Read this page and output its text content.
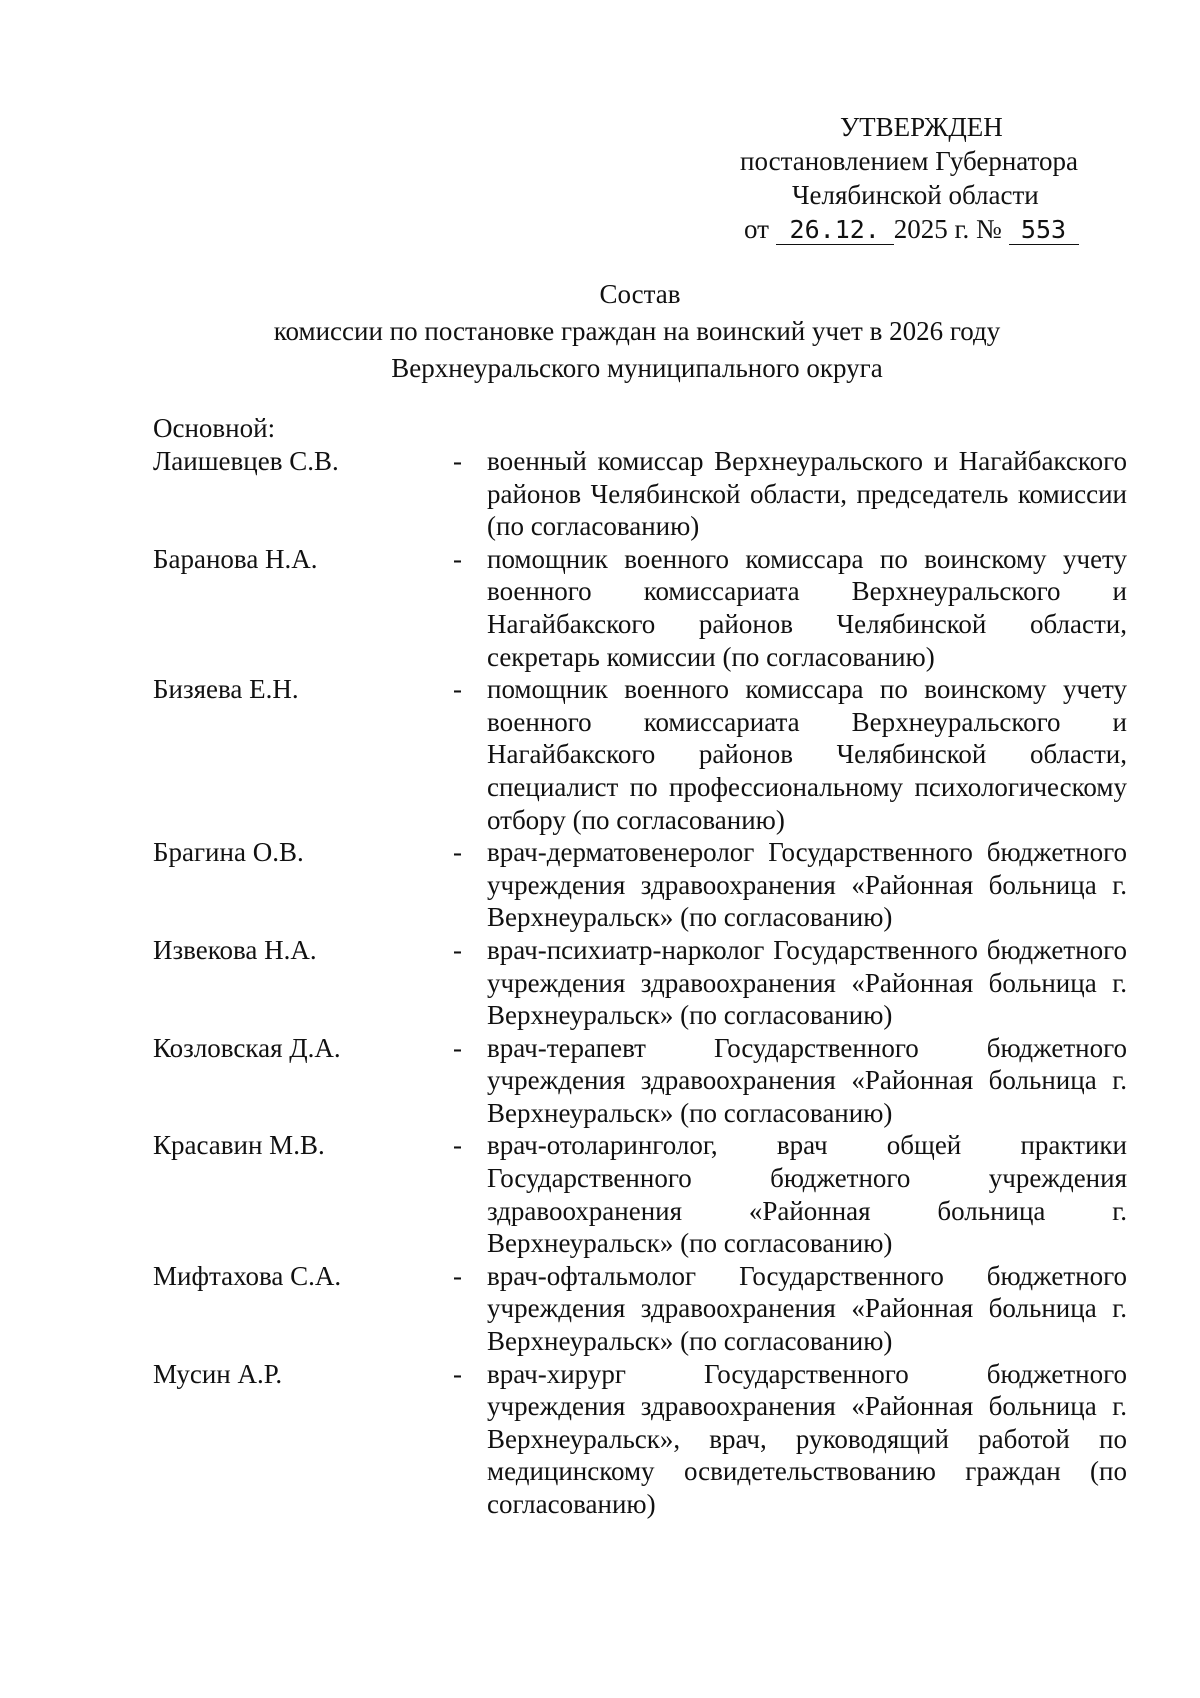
УТВЕРЖДЕН
постановлением Губернатора
Челябинской области
от 26.12. 2025 г. № 553
Состав
комиссии по постановке граждан на воинский учет в 2026 году
Верхнеуральского муниципального округа
Основной:
Лаишевцев С.В.	- военный комиссар Верхнеуральского и Нагайбакского районов Челябинской области, председатель комиссии (по согласованию)
Баранова Н.А.	- помощник военного комиссара по воинскому учету военного комиссариата Верхнеуральского и Нагайбакского районов Челябинской области, секретарь комиссии (по согласованию)
Бизяева Е.Н.	- помощник военного комиссара по воинскому учету военного комиссариата Верхнеуральского и Нагайбакского районов Челябинской области, специалист по профессиональному психологическому отбору (по согласованию)
Брагина О.В.	- врач-дерматовенеролог Государственного бюджетного учреждения здравоохранения «Районная больница г. Верхнеуральск» (по согласованию)
Извекова Н.А.	- врач-психиатр-нарколог Государственного бюджетного учреждения здравоохранения «Районная больница г. Верхнеуральск» (по согласованию)
Козловская Д.А.	- врач-терапевт Государственного бюджетного учреждения здравоохранения «Районная больница г. Верхнеуральск» (по согласованию)
Красавин М.В.	- врач-отоларинголог, врач общей практики Государственного бюджетного учреждения здравоохранения «Районная больница г. Верхнеуральск» (по согласованию)
Мифтахова С.А.	- врач-офтальмолог Государственного бюджетного учреждения здравоохранения «Районная больница г. Верхнеуральск» (по согласованию)
Мусин А.Р.	- врач-хирург Государственного бюджетного учреждения здравоохранения «Районная больница г. Верхнеуральск», врач, руководящий работой по медицинскому освидетельствованию граждан (по согласованию)
